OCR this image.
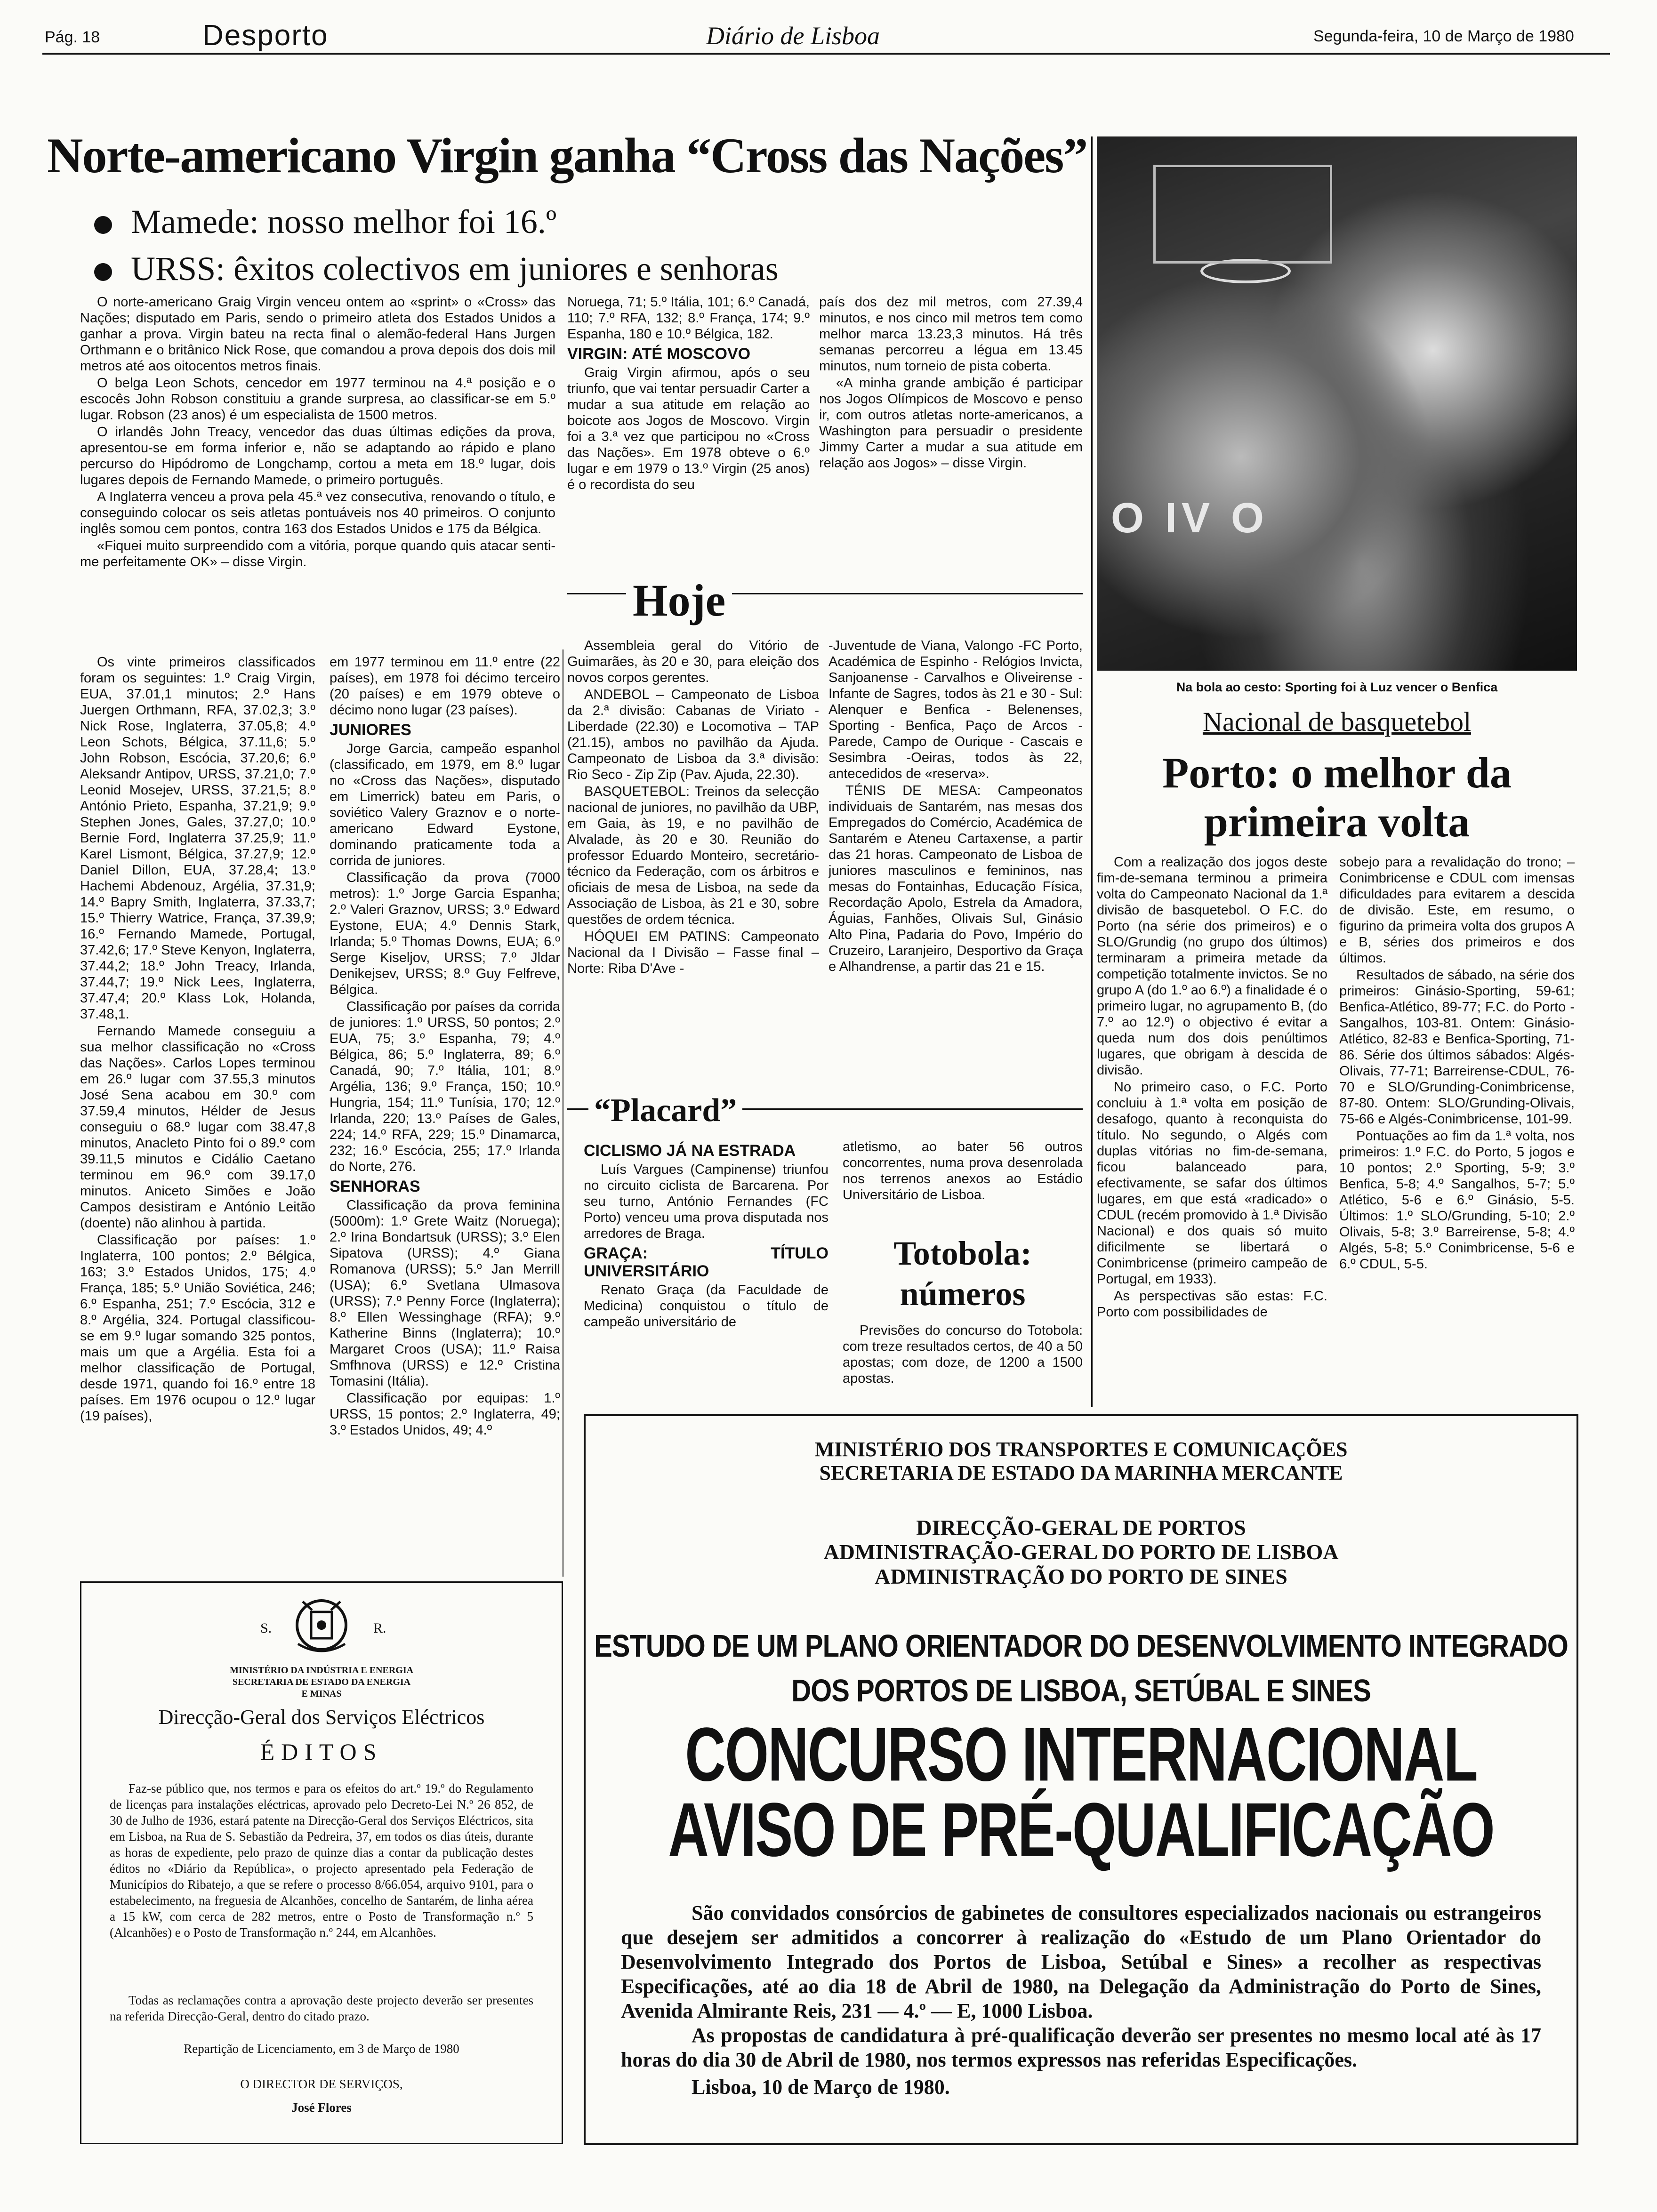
Pág. 18	Desporto	Diário de Lisboa	Segunda-feira, 10 de Março de 1980
Norte-americano Virgin ganha “Cross das Nações”
Mamede: nosso melhor foi 16.º
URSS: êxitos colectivos em juniores e senhoras

O norte-americano Graig Virgin venceu ontem ao «sprint» o «Cross» das Nações; disputado em Paris, sendo o primeiro atleta dos Estados Unidos a ganhar a prova. Virgin bateu na recta final o alemão-federal Hans Jurgen Orthmann e o britânico Nick Rose, que comandou a prova depois dos dois mil metros até aos oitocentos metros finais.

O belga Leon Schots, cencedor em 1977 terminou na 4.ª posição e o escocês John Robson constituiu a grande surpresa, ao classificar-se em 5.º lugar. Robson (23 anos) é um especialista de 1500 metros.

O irlandês John Treacy, vencedor das duas últimas edições da prova, apresentou-se em forma inferior e, não se adaptando ao rápido e plano percurso do Hipódromo de Longchamp, cortou a meta em 18.º lugar, dois lugares depois de Fernando Mamede, o primeiro português.

A Inglaterra venceu a prova pela 45.ª vez consecutiva, renovando o título, e conseguindo colocar os seis atletas pontuáveis nos 40 primeiros. O conjunto inglês somou cem pontos, contra 163 dos Estados Unidos e 175 da Bélgica.

«Fiquei muito surpreendido com a vitória, porque quando quis atacar senti-me perfeitamente OK» – disse Virgin.

Noruega, 71; 5.º Itália, 101; 6.º Canadá, 110; 7.º RFA, 132; 8.º França, 174; 9.º Espanha, 180 e 10.º Bélgica, 182.

VIRGIN: ATÉ MOSCOVO

Graig Virgin afirmou, após o seu triunfo, que vai tentar persuadir Carter a mudar a sua atitude em relação ao boicote aos Jogos de Moscovo. Virgin foi a 3.ª vez que participou no «Cross das Nações». Em 1978 obteve o 6.º lugar e em 1979 o 13.º Virgin (25 anos) é o recordista do seu

país dos dez mil metros, com 27.39,4 minutos, e nos cinco mil metros tem como melhor marca 13.23,3 minutos. Há três semanas percorreu a légua em 13.45 minutos, num torneio de pista coberta.

«A minha grande ambição é participar nos Jogos Olímpicos de Moscovo e penso ir, com outros atletas norte-americanos, a Washington para persuadir o presidente Jimmy Carter a mudar a sua atitude em relação aos Jogos» – disse Virgin.

Os vinte primeiros classificados foram os seguintes: 1.º Craig Virgin, EUA, 37.01,1 minutos; 2.º Hans Juergen Orthmann, RFA, 37.02,3; 3.º Nick Rose, Inglaterra, 37.05,8; 4.º Leon Schots, Bélgica, 37.11,6; 5.º John Robson, Escócia, 37.20,6; 6.º Aleksandr Antipov, URSS, 37.21,0; 7.º Leonid Mosejev, URSS, 37.21,5; 8.º António Prieto, Espanha, 37.21,9; 9.º Stephen Jones, Gales, 37.27,0; 10.º Bernie Ford, Inglaterra 37.25,9; 11.º Karel Lismont, Bélgica, 37.27,9; 12.º Daniel Dillon, EUA, 37.28,4; 13.º Hachemi Abdenouz, Argélia, 37.31,9; 14.º Bapry Smith, Inglaterra, 37.33,7; 15.º Thierry Watrice, França, 37.39,9; 16.º Fernando Mamede, Portugal, 37.42,6; 17.º Steve Kenyon, Inglaterra, 37.44,2; 18.º John Treacy, Irlanda, 37.44,7; 19.º Nick Lees, Inglaterra, 37.47,4; 20.º Klass Lok, Holanda, 37.48,1.

Fernando Mamede conseguiu a sua melhor classificação no «Cross das Nações». Carlos Lopes terminou em 26.º lugar com 37.55,3 minutos José Sena acabou em 30.º com 37.59,4 minutos, Hélder de Jesus conseguiu o 68.º lugar com 38.47,8 minutos, Anacleto Pinto foi o 89.º com 39.11,5 minutos e Cidálio Caetano terminou em 96.º com 39.17,0 minutos. Aniceto Simões e João Campos desistiram e António Leitão (doente) não alinhou à partida.

Classificação por países: 1.º Inglaterra, 100 pontos; 2.º Bélgica, 163; 3.º Estados Unidos, 175; 4.º França, 185; 5.º União Soviética, 246; 6.º Espanha, 251; 7.º Escócia, 312 e 8.º Argélia, 324. Portugal classificou-se em 9.º lugar somando 325 pontos, mais um que a Argélia. Esta foi a melhor classificação de Portugal, desde 1971, quando foi 16.º entre 18 países. Em 1976 ocupou o 12.º lugar (19 países),

em 1977 terminou em 11.º entre (22 países), em 1978 foi décimo terceiro (20 países) e em 1979 obteve o décimo nono lugar (23 países).

JUNIORES

Jorge Garcia, campeão espanhol (classificado, em 1979, em 8.º lugar no «Cross das Nações», disputado em Limerrick) bateu em Paris, o soviético Valery Graznov e o norte-americano Edward Eystone, dominando praticamente toda a corrida de juniores.

Classificação da prova (7000 metros): 1.º Jorge Garcia Espanha; 2.º Valeri Graznov, URSS; 3.º Edward Eystone, EUA; 4.º Dennis Stark, Irlanda; 5.º Thomas Downs, EUA; 6.º Serge Kiseljov, URSS; 7.º Jldar Denikejsev, URSS; 8.º Guy Felfreve, Bélgica.

Classificação por países da corrida de juniores: 1.º URSS, 50 pontos; 2.º EUA, 75; 3.º Espanha, 79; 4.º Bélgica, 86; 5.º Inglaterra, 89; 6.º Canadá, 90; 7.º Itália, 101; 8.º Argélia, 136; 9.º França, 150; 10.º Hungria, 154; 11.º Tunísia, 170; 12.º Irlanda, 220; 13.º Países de Gales, 224; 14.º RFA, 229; 15.º Dinamarca, 232; 16.º Escócia, 255; 17.º Irlanda do Norte, 276.

SENHORAS

Classificação da prova feminina (5000m): 1.º Grete Waitz (Noruega); 2.º Irina Bondartsuk (URSS); 3.º Elen Sipatova (URSS); 4.º Giana Romanova (URSS); 5.º Jan Merrill (USA); 6.º Svetlana Ulmasova (URSS); 7.º Penny Force (Inglaterra); 8.º Ellen Wessinghage (RFA); 9.º Katherine Binns (Inglaterra); 10.º Margaret Croos (USA); 11.º Raisa Smfhnova (URSS) e 12.º Cristina Tomasini (Itália).

Classificação por equipas: 1.º URSS, 15 pontos; 2.º Inglaterra, 49; 3.º Estados Unidos, 49; 4.º

Hoje

Assembleia geral do Vitório de Guimarães, às 20 e 30, para eleição dos novos corpos gerentes.

ANDEBOL – Campeonato de Lisboa da 2.ª divisão: Cabanas de Viriato - Liberdade (22.30) e Locomotiva – TAP (21.15), ambos no pavilhão da Ajuda. Campeonato de Lisboa da 3.ª divisão: Rio Seco - Zip Zip (Pav. Ajuda, 22.30).

BASQUETEBOL: Treinos da selecção nacional de juniores, no pavilhão da UBP, em Gaia, às 19, e no pavilhão de Alvalade, às 20 e 30. Reunião do professor Eduardo Monteiro, secretário-técnico da Federação, com os árbitros e oficiais de mesa de Lisboa, na sede da Associação de Lisboa, às 21 e 30, sobre questões de ordem técnica.

HÓQUEI EM PATINS: Campeonato Nacional da I Divisão – Fasse final – Norte: Riba D'Ave -

-Juventude de Viana, Valongo -FC Porto, Académica de Espinho - Relógios Invicta, Sanjoanense - Carvalhos e Oliveirense - Infante de Sagres, todos às 21 e 30 - Sul: Alenquer e Benfica - Belenenses, Sporting - Benfica, Paço de Arcos - Parede, Campo de Ourique - Cascais e Sesimbra -Oeiras, todos às 22, antecedidos de «reserva».

TÉNIS DE MESA: Campeonatos individuais de Santarém, nas mesas dos Empregados do Comércio, Académica de Santarém e Ateneu Cartaxense, a partir das 21 horas. Campeonato de Lisboa de juniores masculinos e femininos, nas mesas do Fontainhas, Educação Física, Recordação Apolo, Estrela da Amadora, Águias, Fanhões, Olivais Sul, Ginásio Alto Pina, Padaria do Povo, Império do Cruzeiro, Laranjeiro, Desportivo da Graça e Alhandrense, a partir das 21 e 15.

“Placard”
CICLISMO JÁ NA ESTRADA

Luís Vargues (Campinense) triunfou no circuito ciclista de Barcarena. Por seu turno, António Fernandes (FC Porto) venceu uma prova disputada nos arredores de Braga.

GRAÇA: TÍTULO UNIVERSITÁRIO

Renato Graça (da Faculdade de Medicina) conquistou o título de campeão universitário de

atletismo, ao bater 56 outros concorrentes, numa prova desenrolada nos terrenos anexos ao Estádio Universitário de Lisboa.

Totobola: números

Previsões do concurso do Totobola: com treze resultados certos, de 40 a 50 apostas; com doze, de 1200 a 1500 apostas.

O IV O
Na bola ao cesto: Sporting foi à Luz vencer o Benfica
Nacional de basquetebol
Porto: o melhor da primeira volta

Com a realização dos jogos deste fim-de-semana terminou a primeira volta do Campeonato Nacional da 1.ª divisão de basquetebol. O F.C. do Porto (na série dos primeiros) e o SLO/Grundig (no grupo dos últimos) terminaram a primeira metade da competição totalmente invictos. Se no grupo A (do 1.º ao 6.º) a finalidade é o primeiro lugar, no agrupamento B, (do 7.º ao 12.º) o objectivo é evitar a queda num dos dois penúltimos lugares, que obrigam à descida de divisão.

No primeiro caso, o F.C. Porto concluiu à 1.ª volta em posição de desafogo, quanto à reconquista do título. No segundo, o Algés com duplas vitórias no fim-de-semana, ficou balanceado para, efectivamente, se safar dos últimos lugares, em que está «radicado» o CDUL (recém promovido à 1.ª Divisão Nacional) e dos quais só muito dificilmente se libertará o Conimbricense (primeiro campeão de Portugal, em 1933).

As perspectivas são estas: F.C. Porto com possibilidades de

sobejo para a revalidação do trono; – Conimbricense e CDUL com imensas dificuldades para evitarem a descida de divisão. Este, em resumo, o figurino da primeira volta dos grupos A e B, séries dos primeiros e dos últimos.

Resultados de sábado, na série dos primeiros: Ginásio-Sporting, 59-61; Benfica-Atlético, 89-77; F.C. do Porto -Sangalhos, 103-81. Ontem: Ginásio-Atlético, 82-83 e Benfica-Sporting, 71-86. Série dos últimos sábados: Algés-Olivais, 77-71; Barreirense-CDUL, 76-70 e SLO/Grunding-Conimbricense, 87-80. Ontem: SLO/Grunding-Olivais, 75-66 e Algés-Conimbricense, 101-99.

Pontuações ao fim da 1.ª volta, nos primeiros: 1.º F.C. do Porto, 5 jogos e 10 pontos; 2.º Sporting, 5-9; 3.º Benfica, 5-8; 4.º Sangalhos, 5-7; 5.º Atlético, 5-6 e 6.º Ginásio, 5-5. Últimos: 1.º SLO/Grunding, 5-10; 2.º Olivais, 5-8; 3.º Barreirense, 5-8; 4.º Algés, 5-8; 5.º Conimbricense, 5-6 e 6.º CDUL, 5-5.

S.	R.
MINISTÉRIO DA INDÚSTRIA E ENERGIA
SECRETARIA DE ESTADO DA ENERGIA
E MINAS
Direcção-Geral dos Serviços Eléctricos
ÉDITOS
Faz-se público que, nos termos e para os efeitos do art.º 19.º do Regulamento de licenças para instalações eléctricas, aprovado pelo Decreto-Lei N.º 26 852, de 30 de Julho de 1936, estará patente na Direcção-Geral dos Serviços Eléctricos, sita em Lisboa, na Rua de S. Sebastião da Pedreira, 37, em todos os dias úteis, durante as horas de expediente, pelo prazo de quinze dias a contar da publicação destes éditos no «Diário da República», o projecto apresentado pela Federação de Municípios do Ribatejo, a que se refere o processo 8/66.054, arquivo 9101, para o estabelecimento, na freguesia de Alcanhões, concelho de Santarém, de linha aérea a 15 kW, com cerca de 282 metros, entre o Posto de Transformação n.º 5 (Alcanhões) e o Posto de Transformação n.º 244, em Alcanhões.
Todas as reclamações contra a aprovação deste projecto deverão ser presentes na referida Direcção-Geral, dentro do citado prazo.
Repartição de Licenciamento, em 3 de Março de 1980
O DIRECTOR DE SERVIÇOS,
José Flores
MINISTÉRIO DOS TRANSPORTES E COMUNICAÇÕES
SECRETARIA DE ESTADO DA MARINHA MERCANTE
DIRECÇÃO-GERAL DE PORTOS
ADMINISTRAÇÃO-GERAL DO PORTO DE LISBOA
ADMINISTRAÇÃO DO PORTO DE SINES
ESTUDO DE UM PLANO ORIENTADOR DO DESENVOLVIMENTO INTEGRADO
DOS PORTOS DE LISBOA, SETÚBAL E SINES
CONCURSO INTERNACIONAL
AVISO DE PRÉ-QUALIFICAÇÃO
São convidados consórcios de gabinetes de consultores especializados nacionais ou estrangeiros que desejem ser admitidos a concorrer à realização do «Estudo de um Plano Orientador do Desenvolvimento Integrado dos Portos de Lisboa, Setúbal e Sines» a recolher as respectivas Especificações, até ao dia 18 de Abril de 1980, na Delegação da Administração do Porto de Sines, Avenida Almirante Reis, 231 — 4.º — E, 1000 Lisboa.
As propostas de candidatura à pré-qualificação deverão ser presentes no mesmo local até às 17 horas do dia 30 de Abril de 1980, nos termos expressos nas referidas Especificações.
Lisboa, 10 de Março de 1980.
